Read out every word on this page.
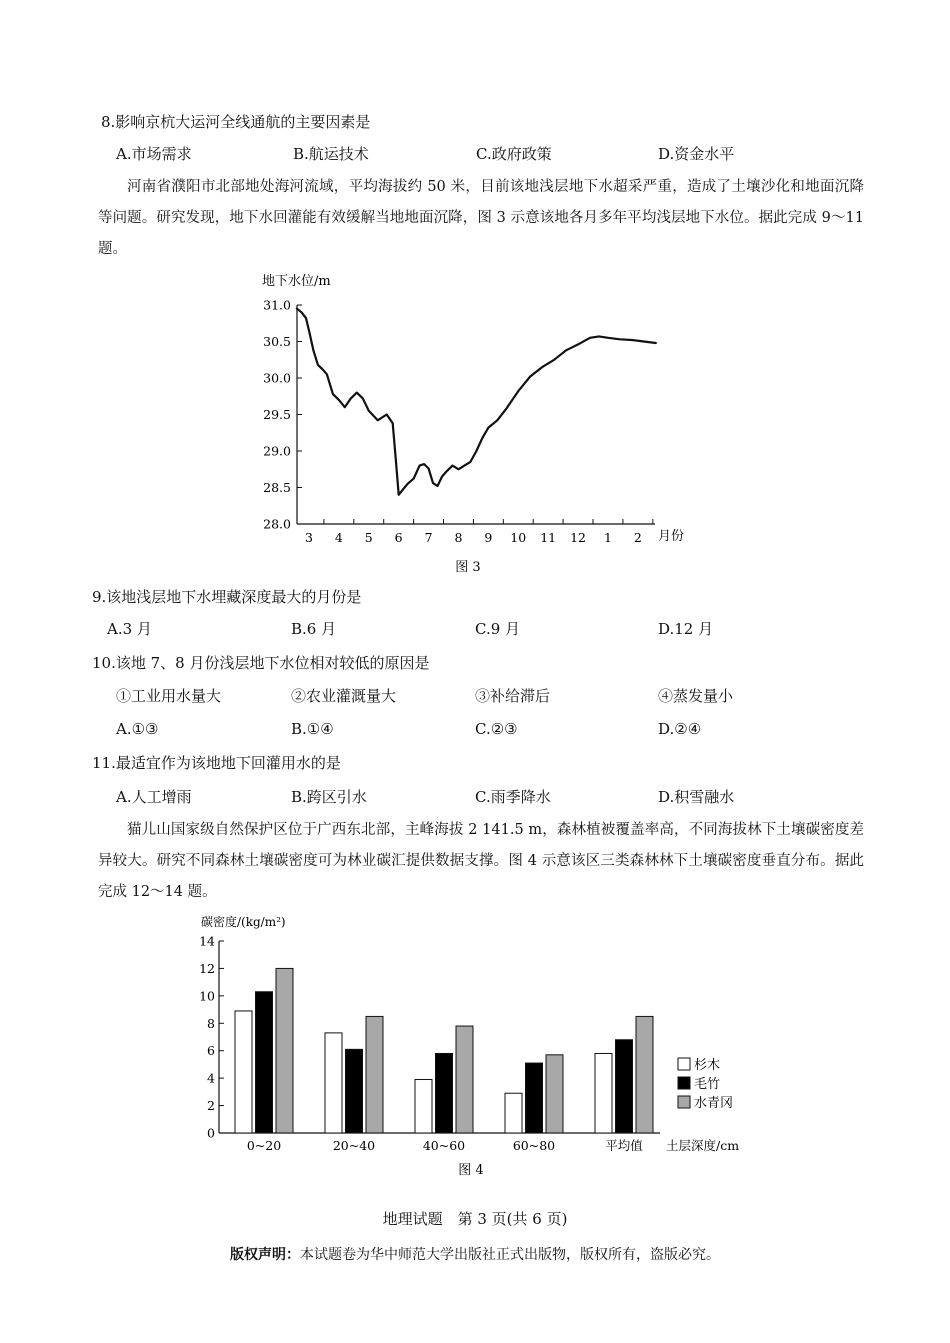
8.影响京杭大运河全线通航的主要因素是
A.市场需求	B.航运技术	C.政府政策	D.资金水平
河南省濮阳市北部地处海河流域，平均海拔约 50 米，目前该地浅层地下水超采严重，造成了土壤沙化和地面沉降等问题。研究发现，地下水回灌能有效缓解当地地面沉降，图 3 示意该地各月多年平均浅层地下水位。据此完成 9～11 题。
地下水位/m
月份
28.0
28.5
29.0
29.5
30.0
30.5
31.0
3 4 5 6 7 8 9 10 11 12 1 2
图 3
9.该地浅层地下水埋藏深度最大的月份是
A.3 月	B.6 月	C.9 月	D.12 月
10.该地 7、8 月份浅层地下水位相对较低的原因是
①工业用水量大	②农业灌溉量大	③补给滞后	④蒸发量小
A.①③	B.①④	C.②③	D.②④
11.最适宜作为该地地下回灌用水的是
A.人工增雨	B.跨区引水	C.雨季降水	D.积雪融水
猫儿山国家级自然保护区位于广西东北部，主峰海拔 2 141.5 m，森林植被覆盖率高，不同海拔林下土壤碳密度差异较大。研究不同森林土壤碳密度可为林业碳汇提供数据支撑。图 4 示意该区三类森林林下土壤碳密度垂直分布。据此完成 12～14 题。
碳密度/(kg/m²)
土层深度/cm
0
2
4
6
8
10
12
14
0~20	20~40	40~60	60~80	平均值
杉木
毛竹
水青冈
图 4
地理试题　第 3 页(共 6 页)
版权声明：本试题卷为华中师范大学出版社正式出版物，版权所有，盗版必究。
